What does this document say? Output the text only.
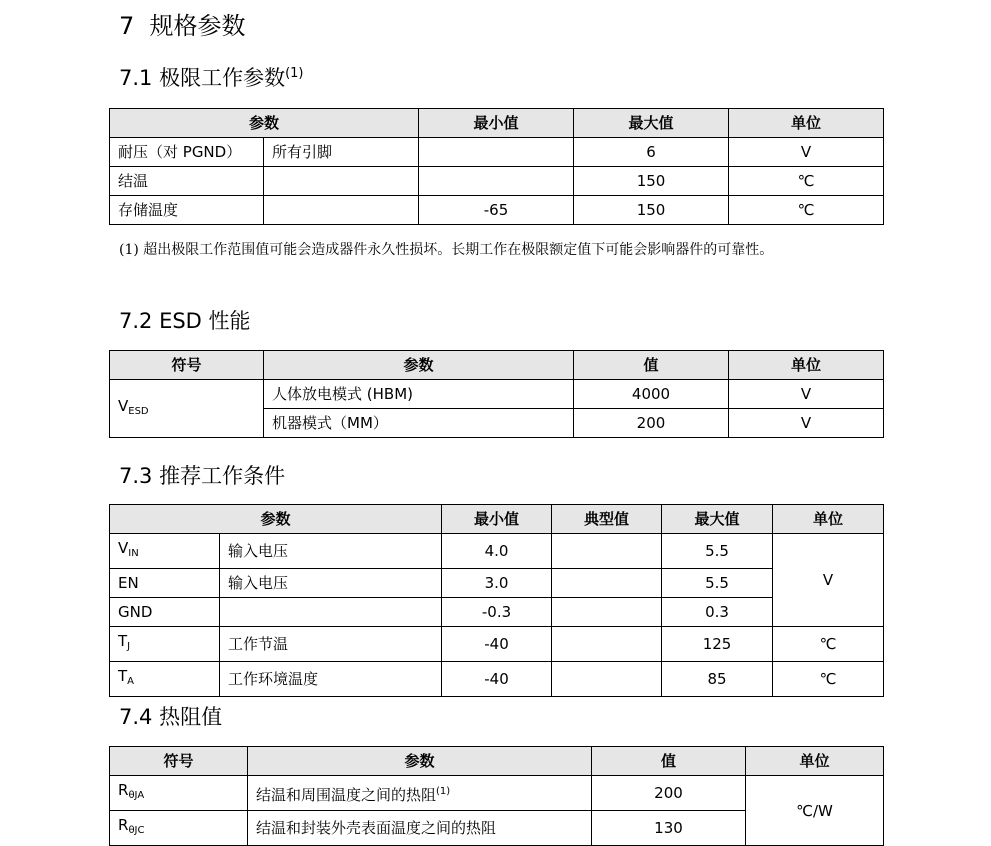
7 规格参数
7.1 极限工作参数$^{(1)}$
参数		最小值	最大值	单位
耐压（对 PGND）	所有引脚		6	V
结温			150	℃
存储温度		-65	150	℃

(1) 超出极限工作范围值可能会造成器件永久性损坏。长期工作在极限额定值下可能会影响器件的可靠性。

7.2 ESD 性能
符号	参数	值	单位
$V_{ESD}$	人体放电模式 (HBM)	4000	V
	机器模式（MM）	200	V
7.3 推荐工作条件
参数		最小值	典型值	最大值	单位
$V_{IN}$	输入电压	4.0		5.5	V
EN	输入电压	3.0		5.5	
GND		-0.3		0.3	
$T_J$	工作节温	-40		125	℃
$T_A$	工作环境温度	-40		85	℃
7.4 热阻值
符号	参数	值	单位
$R_{\theta JA}$	结温和周围温度之间的热阻$^{(1)}$	200	℃/W
$R_{\theta JC}$	结温和封装外壳表面温度之间的热阻	130	
